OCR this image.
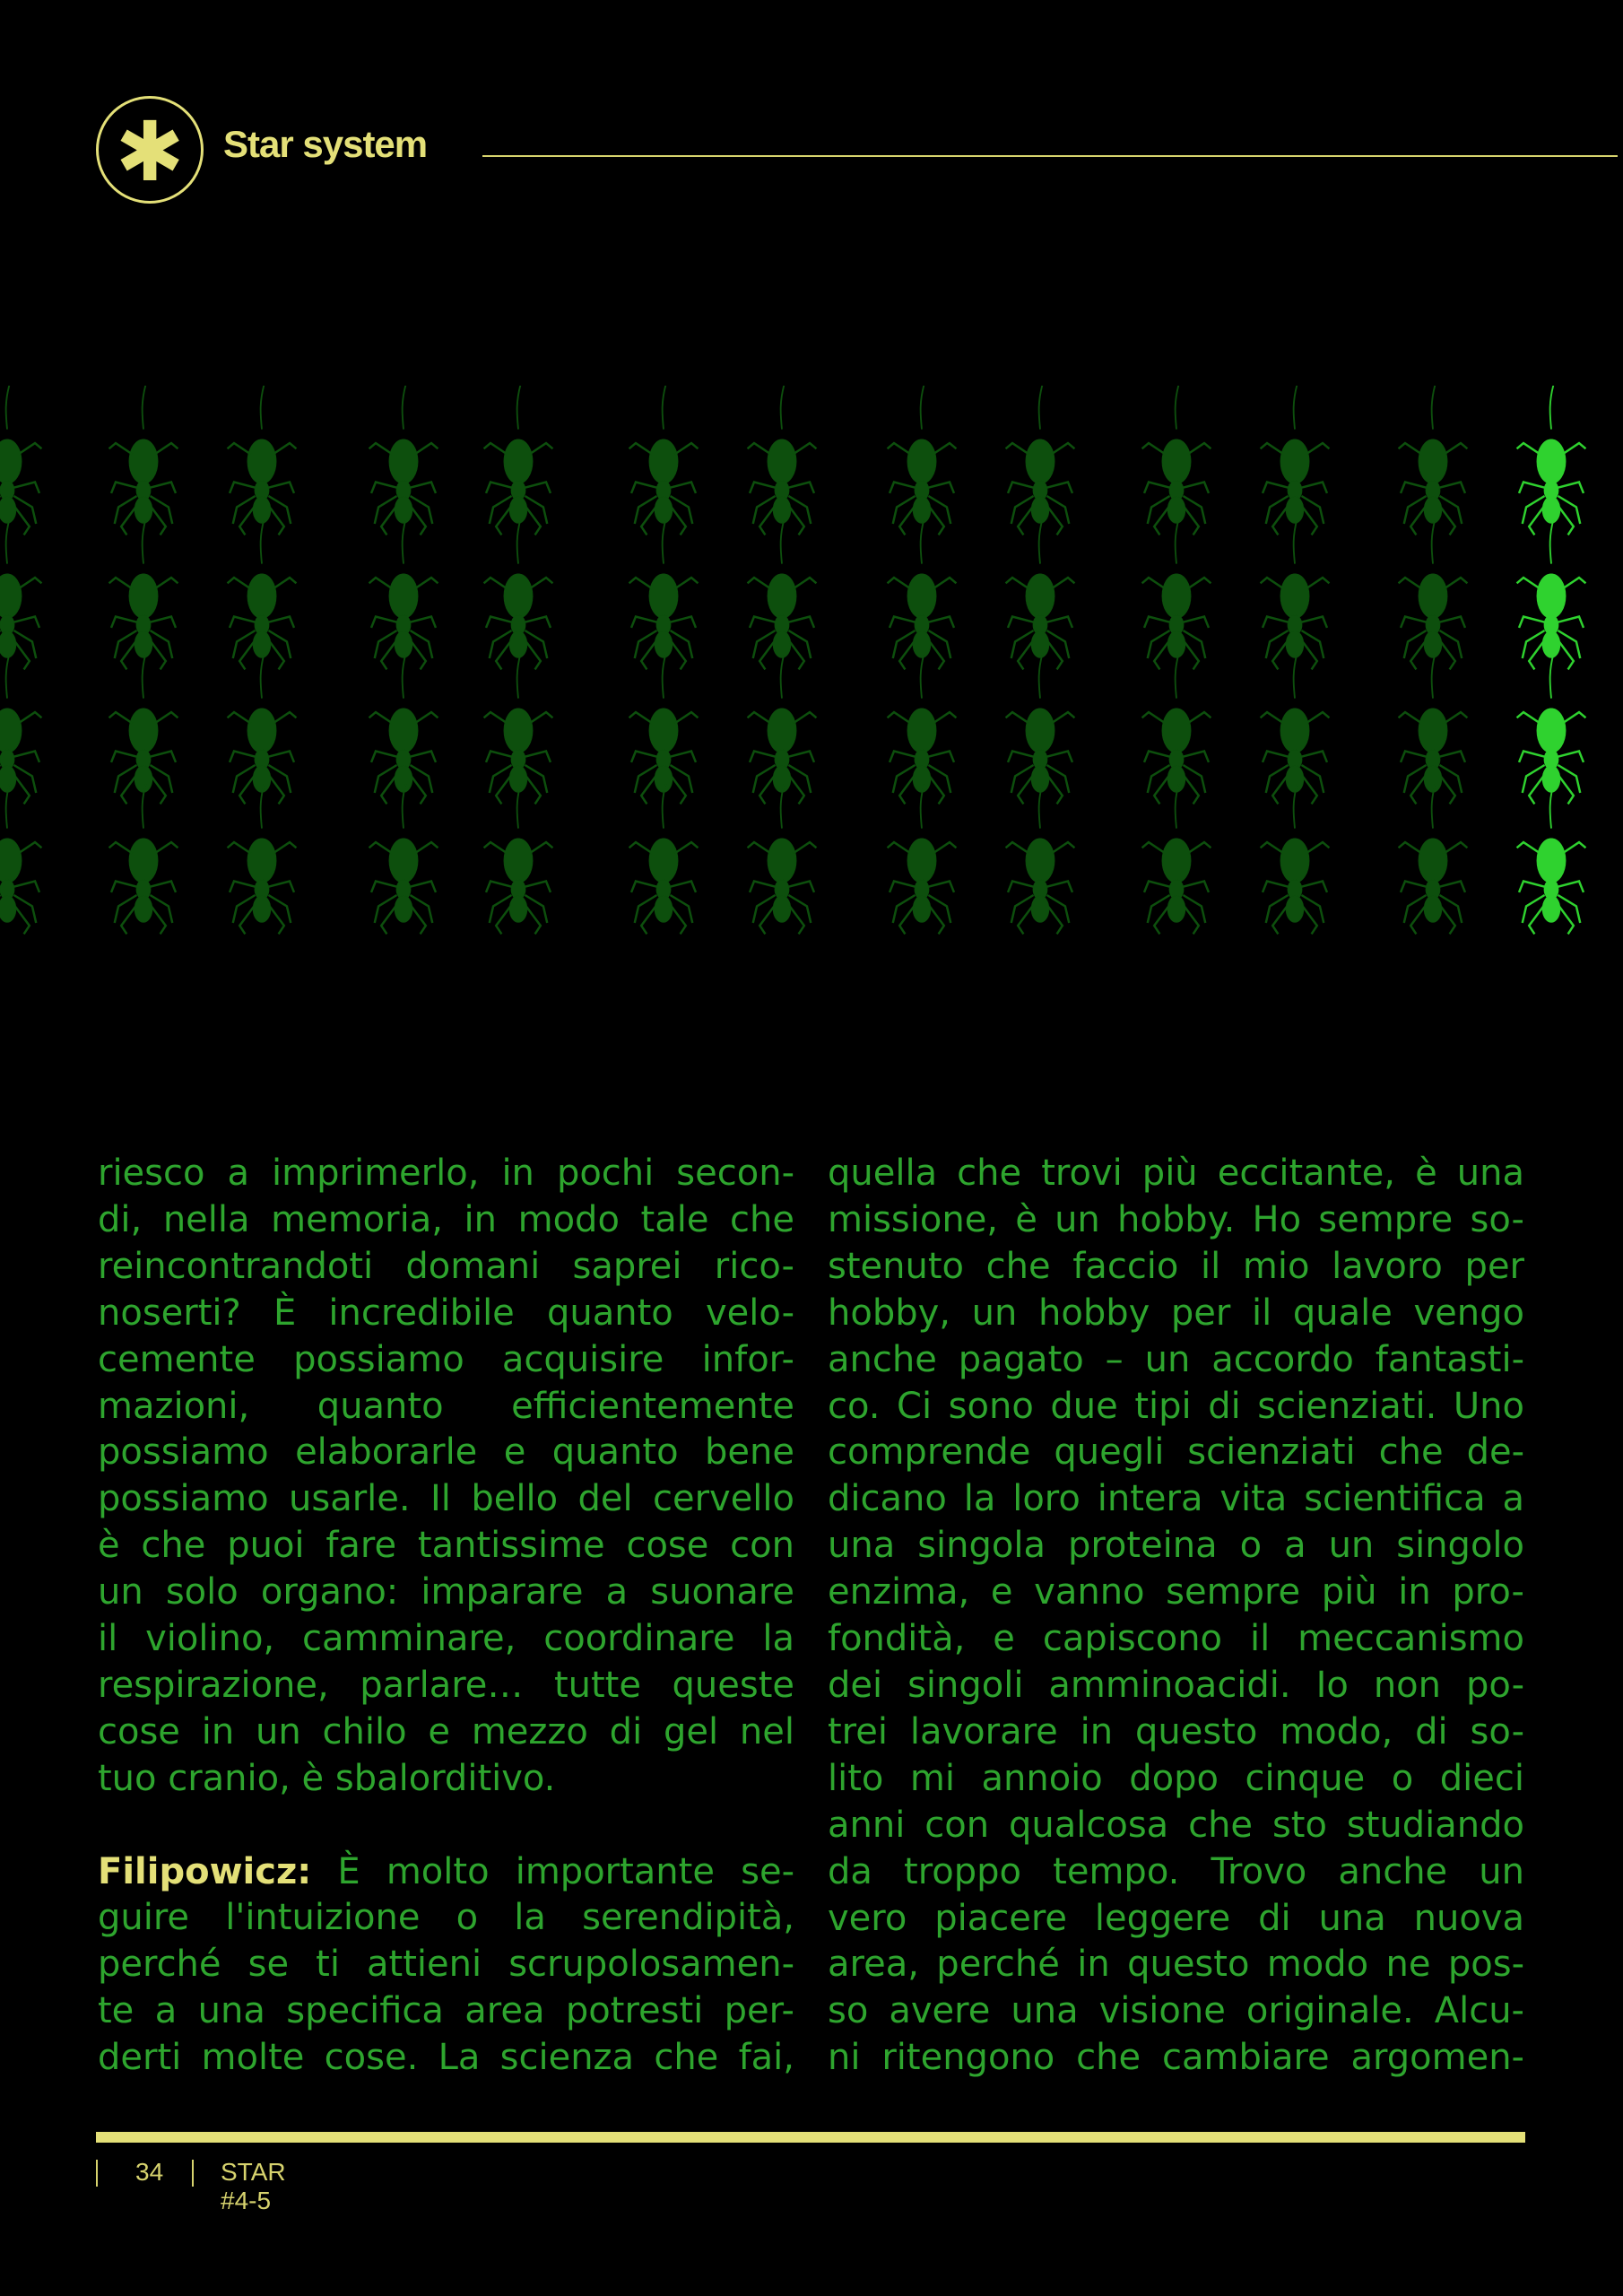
✱	Star system

riesco a imprimerlo, in pochi secon-
di, nella memoria, in modo tale che
reincontrandoti domani saprei rico-
noserti? È incredibile quanto velo-
cemente possiamo acquisire infor-
mazioni, quanto efficientemente
possiamo elaborarle e quanto bene
possiamo usarle. Il bello del cervello
è che puoi fare tantissime cose con
un solo organo: imparare a suonare
il violino, camminare, coordinare la
respirazione, parlare… tutte queste
cose in un chilo e mezzo di gel nel
tuo cranio, è sbalorditivo.

Filipowicz: È molto importante se-
guire l'intuizione o la serendipità,
perché se ti attieni scrupolosamen-
te a una specifica area potresti per-
derti molte cose. La scienza che fai,

quella che trovi più eccitante, è una
missione, è un hobby. Ho sempre so-
stenuto che faccio il mio lavoro per
hobby, un hobby per il quale vengo
anche pagato – un accordo fantasti-
co. Ci sono due tipi di scienziati. Uno
comprende quegli scienziati che de-
dicano la loro intera vita scientifica a
una singola proteina o a un singolo
enzima, e vanno sempre più in pro-
fondità, e capiscono il meccanismo
dei singoli amminoacidi. Io non po-
trei lavorare in questo modo, di so-
lito mi annoio dopo cinque o dieci
anni con qualcosa che sto studiando
da troppo tempo. Trovo anche un
vero piacere leggere di una nuova
area, perché in questo modo ne pos-
so avere una visione originale. Alcu-
ni ritengono che cambiare argomen-

34 STAR #4-5
